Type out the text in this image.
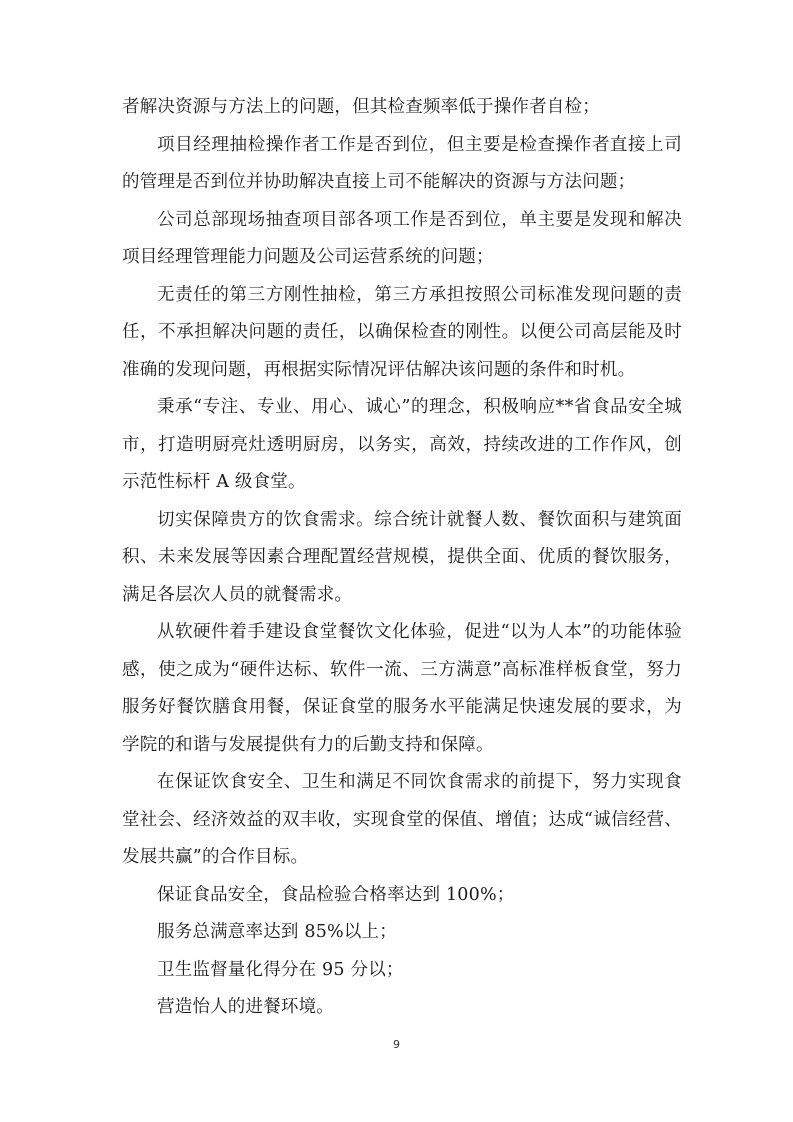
者解决资源与方法上的问题，但其检查频率低于操作者自检；

项目经理抽检操作者工作是否到位，但主要是检查操作者直接上司的管理是否到位并协助解决直接上司不能解决的资源与方法问题；

公司总部现场抽查项目部各项工作是否到位，单主要是发现和解决项目经理管理能力问题及公司运营系统的问题；

无责任的第三方刚性抽检，第三方承担按照公司标准发现问题的责任，不承担解决问题的责任，以确保检查的刚性。以便公司高层能及时准确的发现问题，再根据实际情况评估解决该问题的条件和时机。

秉承“专注、专业、用心、诚心”的理念，积极响应**省食品安全城市，打造明厨亮灶透明厨房，以务实，高效，持续改进的工作作风，创示范性标杆 A 级食堂。

切实保障贵方的饮食需求。综合统计就餐人数、餐饮面积与建筑面积、未来发展等因素合理配置经营规模，提供全面、优质的餐饮服务，满足各层次人员的就餐需求。

从软硬件着手建设食堂餐饮文化体验，促进“以为人本”的功能体验感，使之成为“硬件达标、软件一流、三方满意”高标准样板食堂，努力服务好餐饮膳食用餐，保证食堂的服务水平能满足快速发展的要求，为学院的和谐与发展提供有力的后勤支持和保障。

在保证饮食安全、卫生和满足不同饮食需求的前提下，努力实现食堂社会、经济效益的双丰收，实现食堂的保值、增值；达成“诚信经营、发展共赢”的合作目标。

保证食品安全，食品检验合格率达到 100%；

服务总满意率达到 85%以上；

卫生监督量化得分在 95 分以；

营造怡人的进餐环境。

9
